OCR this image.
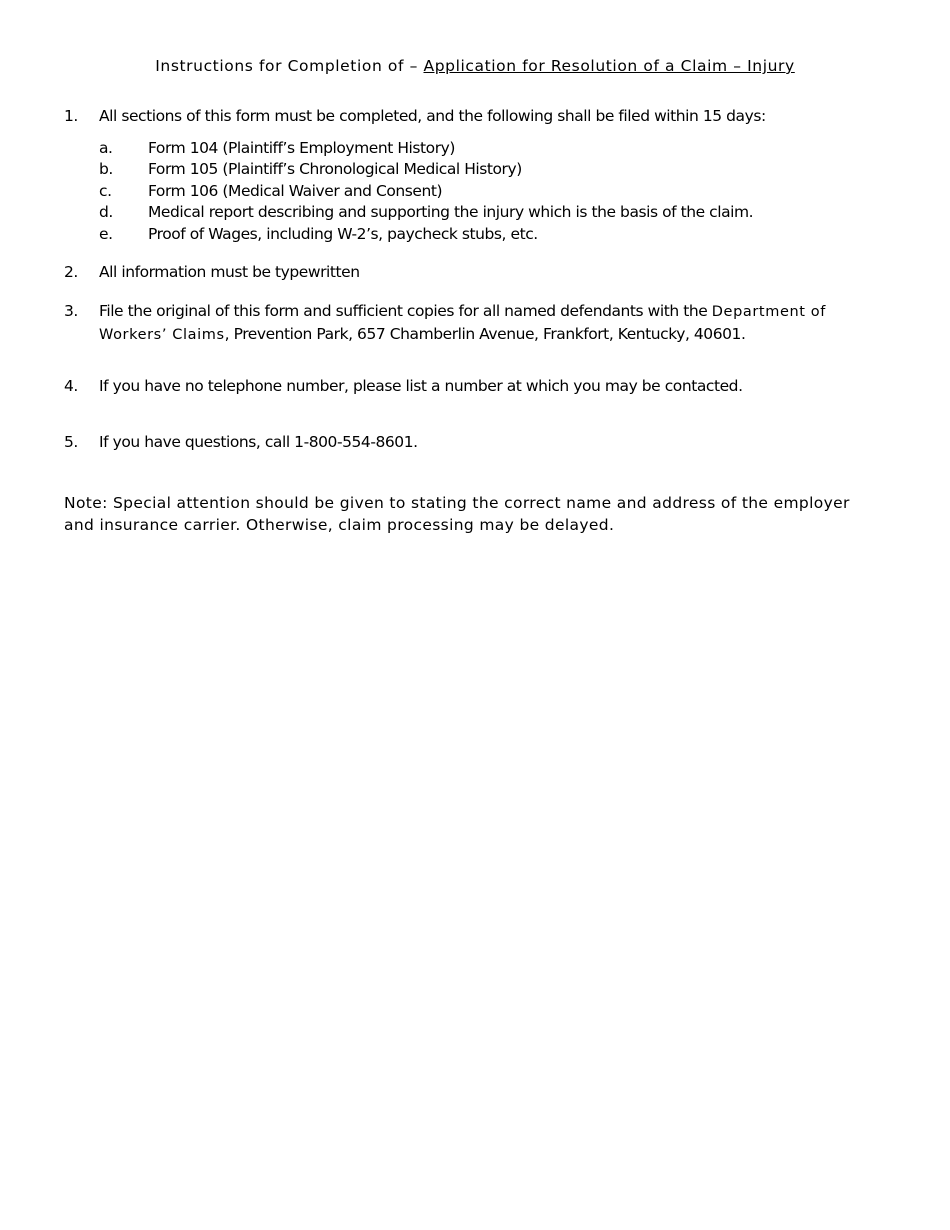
Instructions for Completion of – Application for Resolution of a Claim – Injury
1.	All sections of this form must be completed, and the following shall be filed within 15 days:
a. Form 104 (Plaintiff’s Employment History)
b. Form 105 (Plaintiff’s Chronological Medical History)
c. Form 106 (Medical Waiver and Consent)
d. Medical report describing and supporting the injury which is the basis of the claim.
e. Proof of Wages, including W-2’s, paycheck stubs, etc.
2.	All information must be typewritten
3.	File the original of this form and sufficient copies for all named defendants with the Department of Workers’ Claims, Prevention Park, 657 Chamberlin Avenue, Frankfort, Kentucky, 40601.
4.	If you have no telephone number, please list a number at which you may be contacted.
5.	If you have questions, call 1-800-554-8601.
Note: Special attention should be given to stating the correct name and address of the employer and insurance carrier. Otherwise, claim processing may be delayed.
